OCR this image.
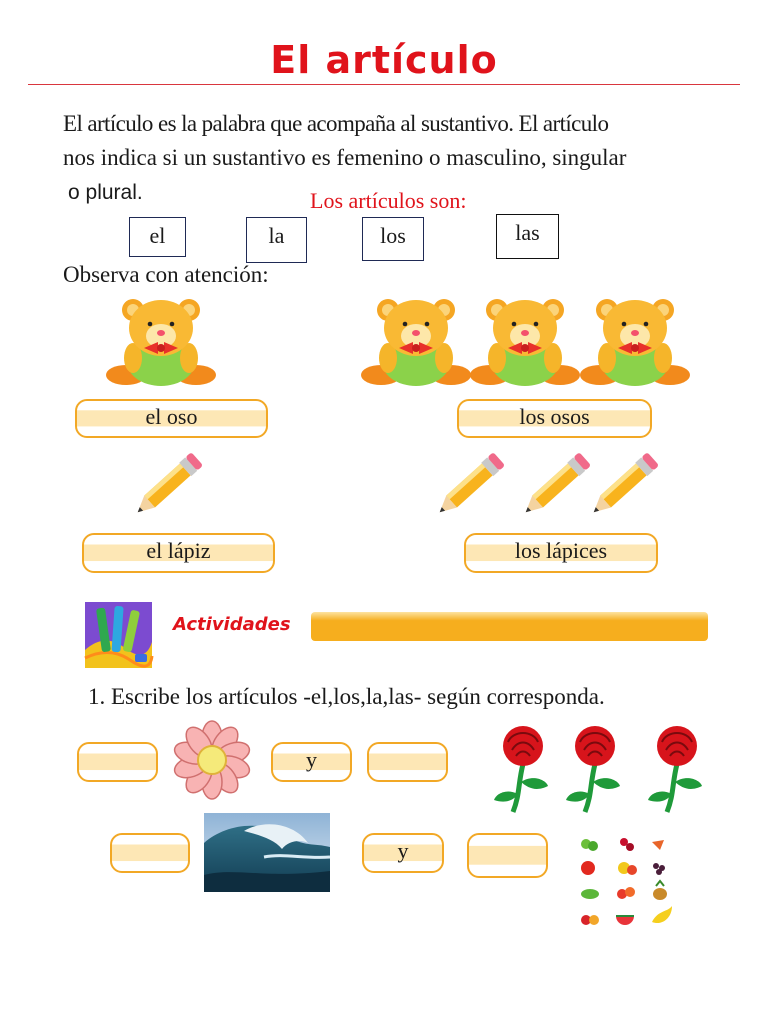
El artículo
El artículo es la palabra que acompaña al sustantivo. El artículo
nos indica si un sustantivo es femenino o masculino, singular
o plural.	Los artículos son:
el	la	los	las
Observa con atención:
el oso	los osos
el lápiz	los lápices
Actividades
1. Escribe los artículos -el,los,la,las- según corresponda.
y
y
